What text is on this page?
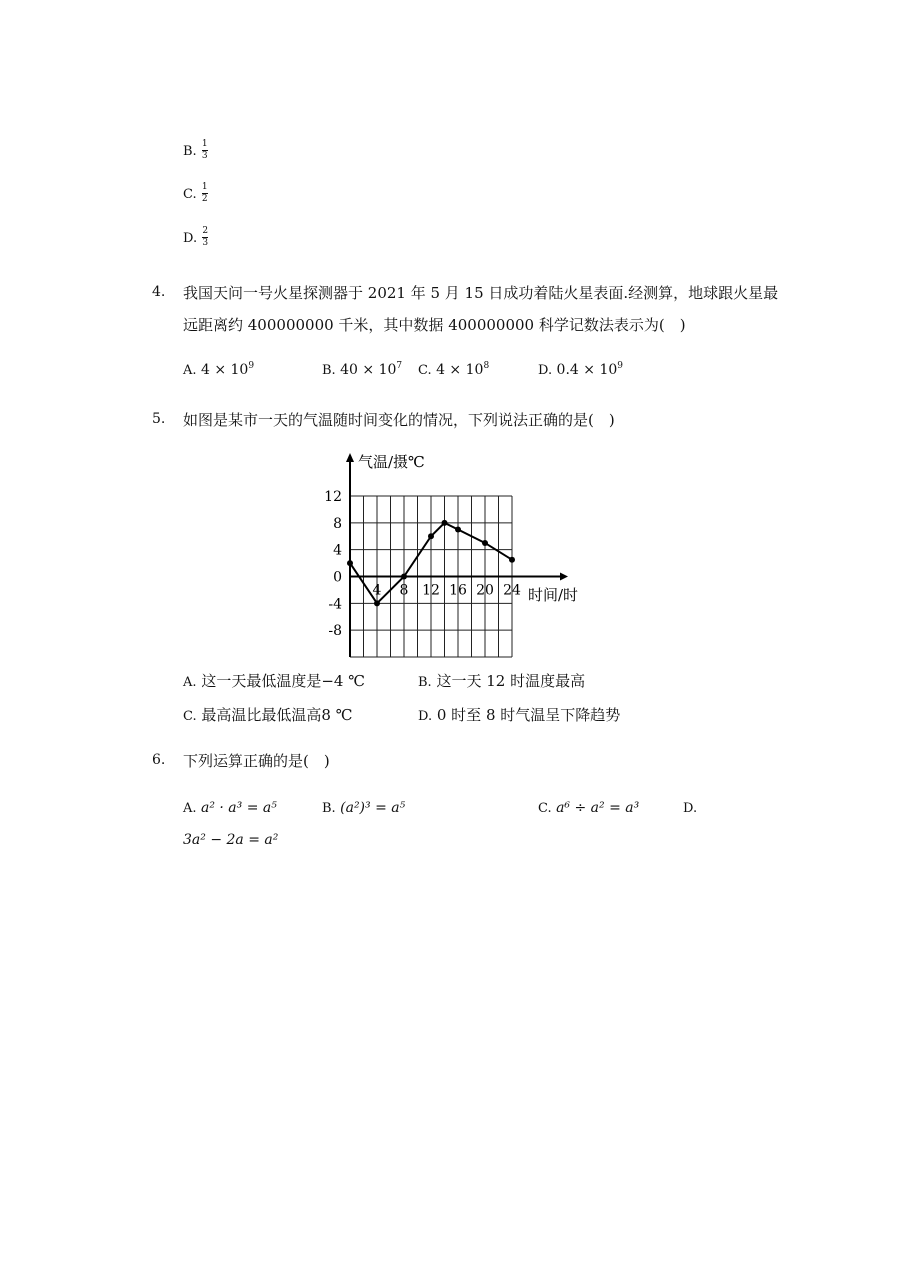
B. $\frac{1}{3}$
C. $\frac{1}{2}$
D. $\frac{2}{3}$
4. 我国天问一号火星探测器于 2021 年 5 月 15 日成功着陆火星表面.经测算，地球跟火星最
远距离约 400000000 千米，其中数据 400000000 科学记数法表示为(　)
A. $4 \times 10^9$	B. $40 \times 10^7$ C. $4 \times 10^8$	D. $0.4 \times 10^9$
5. 如图是某市一天的气温随时间变化的情况，下列说法正确的是(　)
4 8 12 16 20 24
12
8
4
0
-4
-8
气温/摄℃
时间/时
A. 这一天最低温度是−4 ℃	B. 这一天 12 时温度最高
C. 最高温比最低温高8 ℃	D. 0 时至 8 时气温呈下降趋势
6. 下列运算正确的是(　)
A. a² · a³ = a⁵	B. (a²)³ = a⁵	C. a⁶ ÷ a² = a³	D.
3a² − 2a = a²
